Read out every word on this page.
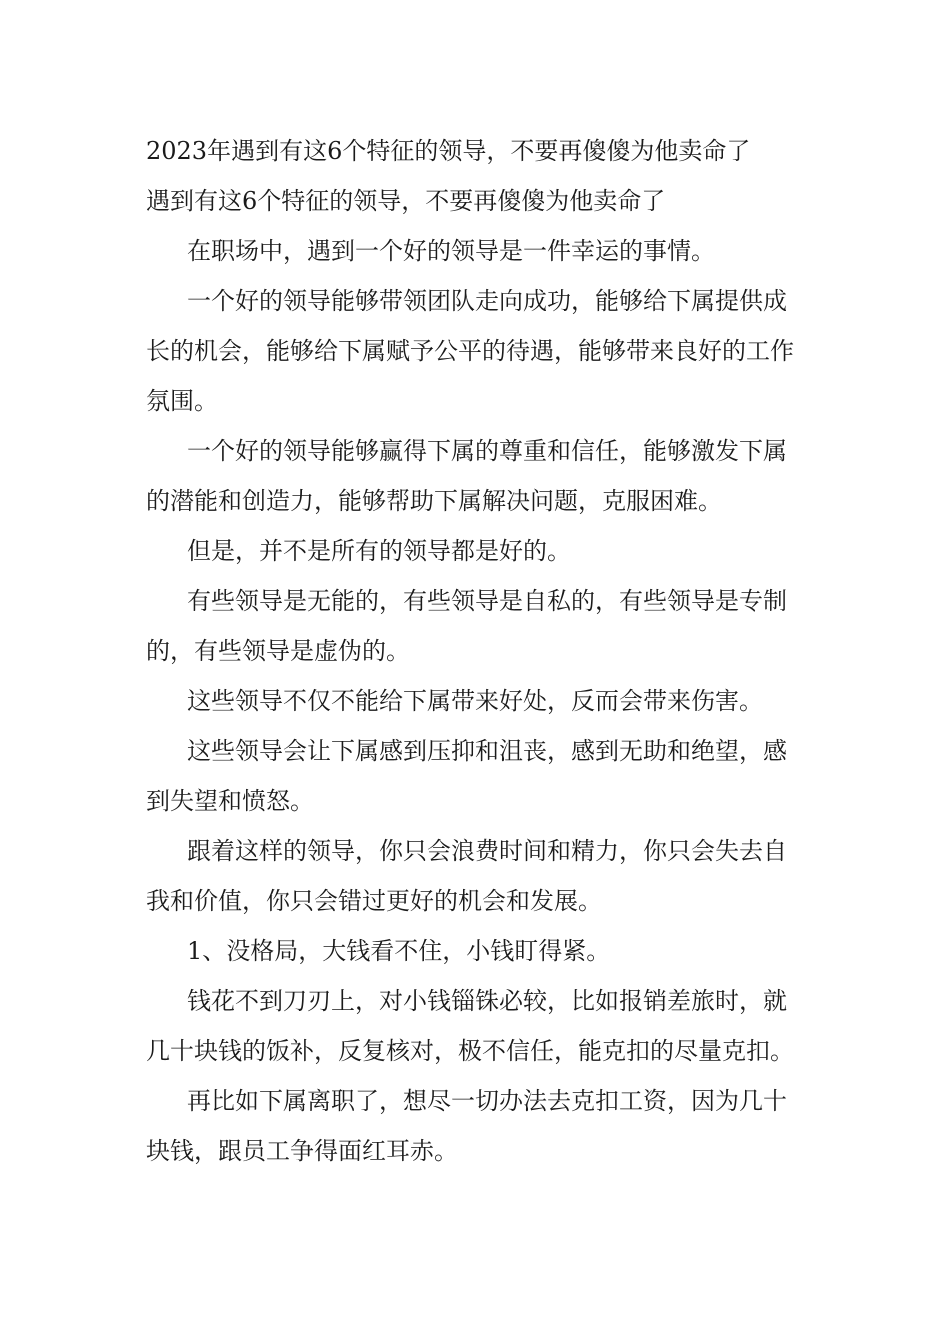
2023年遇到有这6个特征的领导，不要再傻傻为他卖命了

遇到有这6个特征的领导，不要再傻傻为他卖命了

在职场中，遇到一个好的领导是一件幸运的事情。

一个好的领导能够带领团队走向成功，能够给下属提供成长的机会，能够给下属赋予公平的待遇，能够带来良好的工作氛围。

一个好的领导能够赢得下属的尊重和信任，能够激发下属的潜能和创造力，能够帮助下属解决问题，克服困难。

但是，并不是所有的领导都是好的。

有些领导是无能的，有些领导是自私的，有些领导是专制的，有些领导是虚伪的。

这些领导不仅不能给下属带来好处，反而会带来伤害。

这些领导会让下属感到压抑和沮丧，感到无助和绝望，感到失望和愤怒。

跟着这样的领导，你只会浪费时间和精力，你只会失去自我和价值，你只会错过更好的机会和发展。

1、没格局，大钱看不住，小钱盯得紧。

钱花不到刀刃上，对小钱锱铢必较，比如报销差旅时，就几十块钱的饭补，反复核对，极不信任，能克扣的尽量克扣。

再比如下属离职了，想尽一切办法去克扣工资，因为几十块钱，跟员工争得面红耳赤。
